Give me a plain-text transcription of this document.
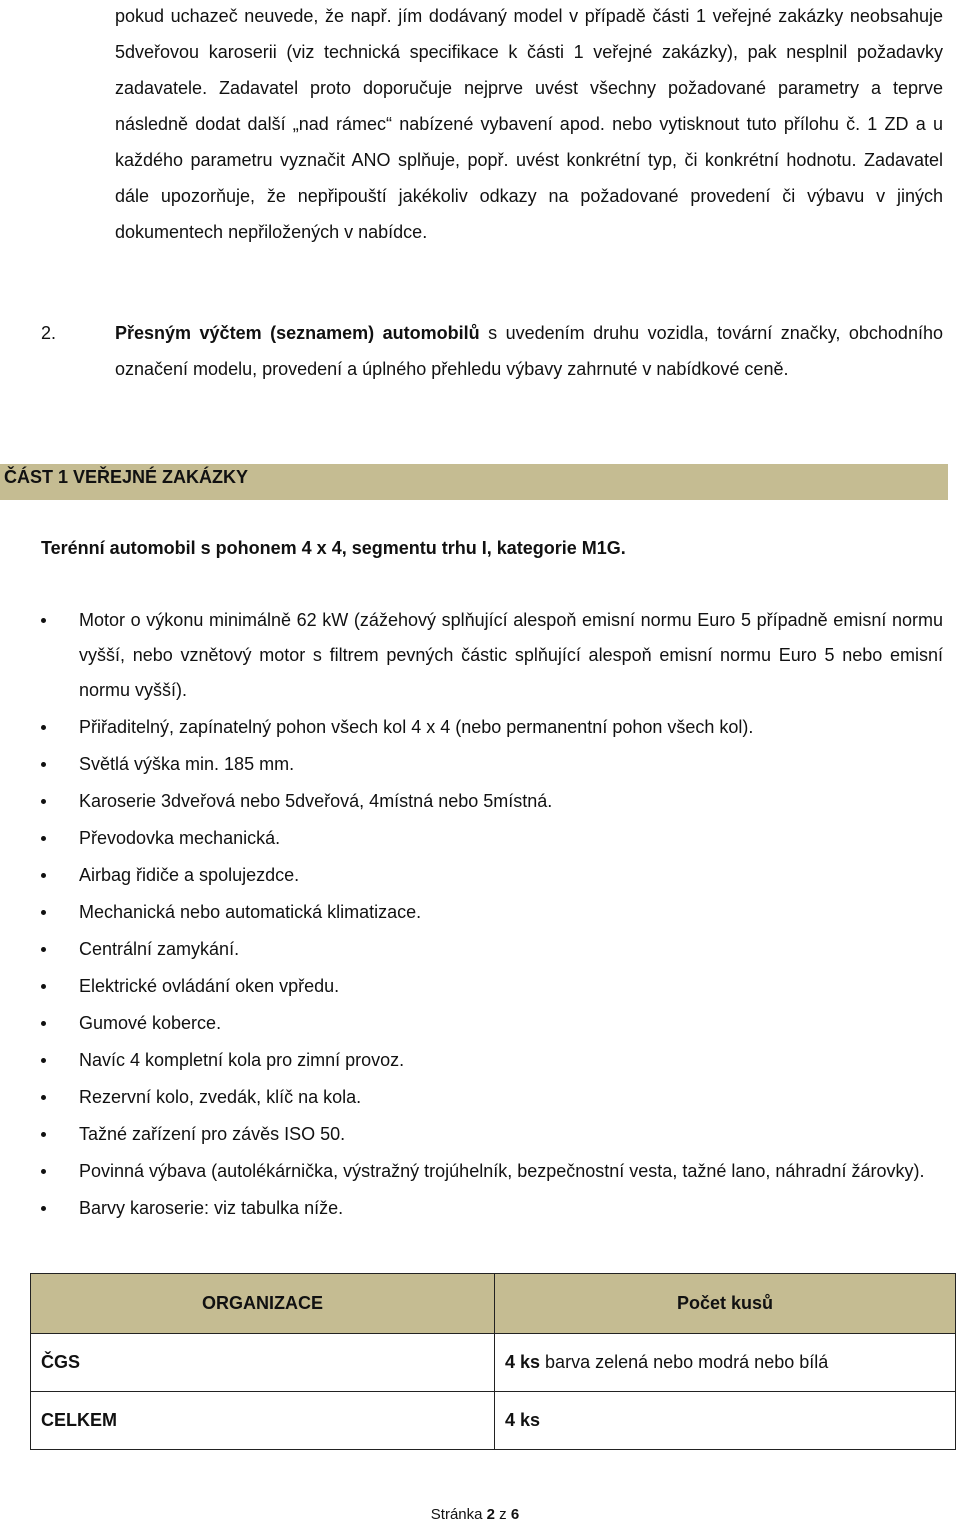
pokud uchazeč neuvede, že např. jím dodávaný model v případě části 1 veřejné zakázky neobsahuje 5dveřovou karoserii (viz technická specifikace k části 1 veřejné zakázky), pak nesplnil požadavky zadavatele. Zadavatel proto doporučuje nejprve uvést všechny požadované parametry a teprve následně dodat další „nad rámec“ nabízené vybavení apod. nebo vytisknout tuto přílohu č. 1 ZD a u každého parametru vyznačit ANO splňuje, popř. uvést konkrétní typ, či konkrétní hodnotu. Zadavatel dále upozorňuje, že nepřipouští jakékoliv odkazy na požadované provedení či výbavu v jiných dokumentech nepřiložených v nabídce.

2.	Přesným výčtem (seznamem) automobilů s uvedením druhu vozidla, tovární značky, obchodního označení modelu, provedení a úplného přehledu výbavy zahrnuté v nabídkové ceně.

ČÁST 1 VEŘEJNÉ ZAKÁZKY
Terénní automobil s pohonem 4 x 4, segmentu trhu I, kategorie M1G.
Motor o výkonu minimálně 62 kW (zážehový splňující alespoň emisní normu Euro 5 případně emisní normu vyšší, nebo vznětový motor s filtrem pevných částic splňující alespoň emisní normu Euro 5 nebo emisní normu vyšší).
Přiřaditelný, zapínatelný pohon všech kol 4 x 4 (nebo permanentní pohon všech kol).
Světlá výška min. 185 mm.
Karoserie 3dveřová nebo 5dveřová, 4místná nebo 5místná.
Převodovka mechanická.
Airbag řidiče a spolujezdce.
Mechanická nebo automatická klimatizace.
Centrální zamykání.
Elektrické ovládání oken vpředu.
Gumové koberce.
Navíc 4 kompletní kola pro zimní provoz.
Rezervní kolo, zvedák, klíč na kola.
Tažné zařízení pro závěs ISO 50.
Povinná výbava (autolékárnička, výstražný trojúhelník, bezpečnostní vesta, tažné lano, náhradní žárovky).
Barvy karoserie: viz tabulka níže.
ORGANIZACE	Počet kusů
ČGS	4 ks barva zelená nebo modrá nebo bílá
CELKEM	4 ks
Stránka 2 z 6
